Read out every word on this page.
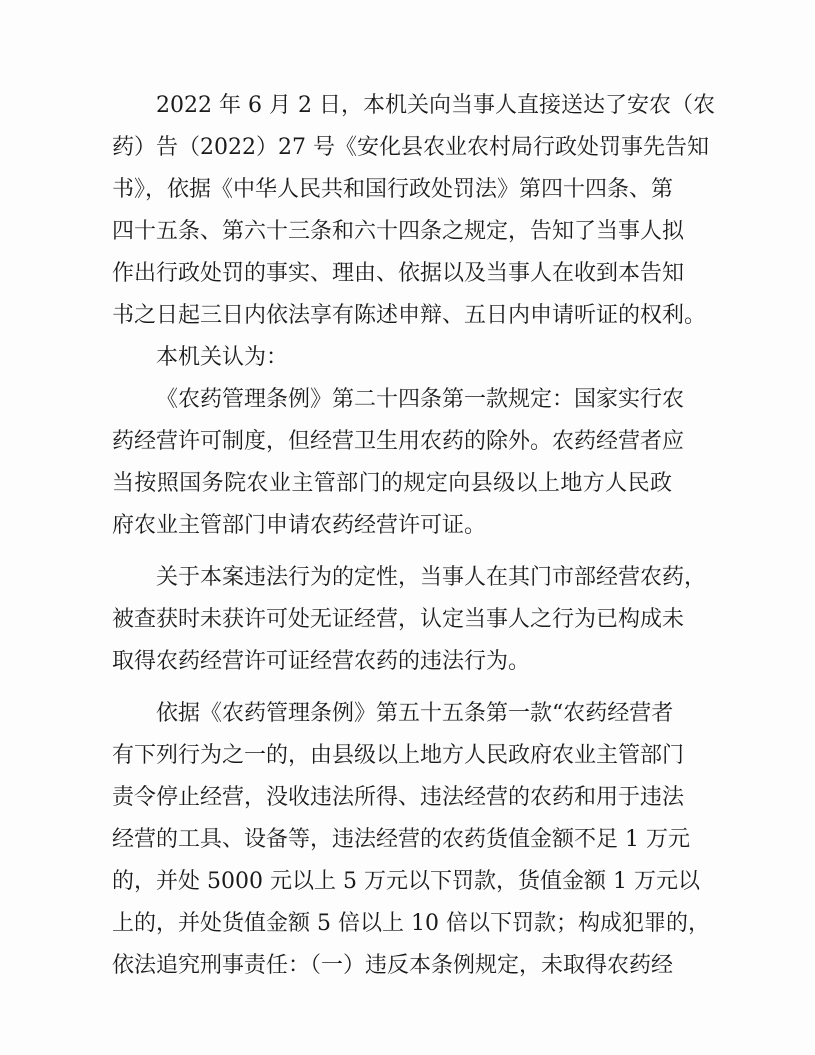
2022 年 6 月 2 日，本机关向当事人直接送达了安农（农
药）告（2022）27 号《安化县农业农村局行政处罚事先告知
书》，依据《中华人民共和国行政处罚法》第四十四条、第
四十五条、第六十三条和六十四条之规定，告知了当事人拟
作出行政处罚的事实、理由、依据以及当事人在收到本告知
书之日起三日内依法享有陈述申辩、五日内申请听证的权利。
本机关认为：
《农药管理条例》第二十四条第一款规定：国家实行农
药经营许可制度，但经营卫生用农药的除外。农药经营者应
当按照国务院农业主管部门的规定向县级以上地方人民政
府农业主管部门申请农药经营许可证。
关于本案违法行为的定性，当事人在其门市部经营农药，
被查获时未获许可处无证经营，认定当事人之行为已构成未
取得农药经营许可证经营农药的违法行为。
依据《农药管理条例》第五十五条第一款“农药经营者
有下列行为之一的，由县级以上地方人民政府农业主管部门
责令停止经营，没收违法所得、违法经营的农药和用于违法
经营的工具、设备等，违法经营的农药货值金额不足 1 万元
的，并处 5000 元以上 5 万元以下罚款，货值金额 1 万元以
上的，并处货值金额 5 倍以上 10 倍以下罚款；构成犯罪的，
依法追究刑事责任：（一）违反本条例规定，未取得农药经
